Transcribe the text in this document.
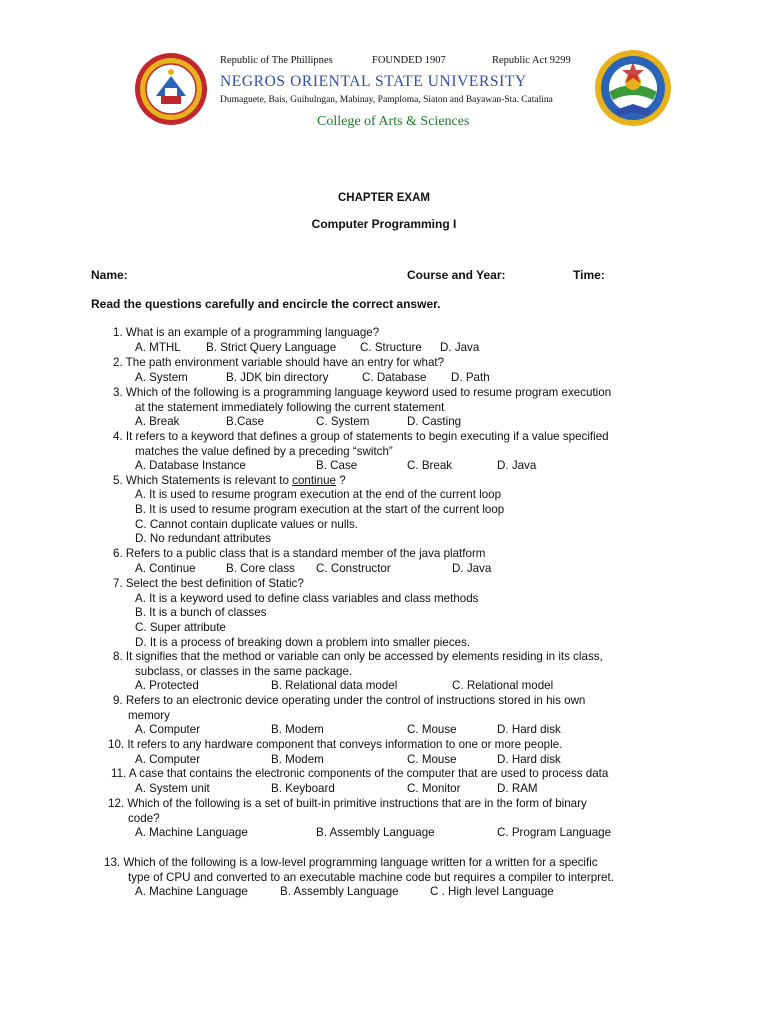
Republic of The Phillipnes	FOUNDED 1907	Republic Act 9299
NEGROS ORIENTAL STATE UNIVERSITY
Dumaguete, Bais, Guihulngan, Mabinay, Pamploma, Siaton and Bayawan-Sta. Catalina
College of Arts & Sciences
CHAPTER EXAM
Computer Programming I
Name:	Course and Year:	Time:
Read the questions carefully and encircle the correct answer.
1. What is an example of a programming language?
A. MTHL B. Strict Query Language C. Structure D. Java
2. The path environment variable should have an entry for what?
A. System	B. JDK bin directory	C. Database D. Path
3. Which of the following is a programming language keyword used to resume program execution
at the statement immediately following the current statement
A. Break	B.Case	C. System	D. Casting
4. It refers to a keyword that defines a group of statements to begin executing if a value specified
matches the value defined by a preceding “switch”
A. Database Instance	B. Case	C. Break	D. Java
5. Which Statements is relevant to continue ?
A. It is used to resume program execution at the end of the current loop
B. It is used to resume program execution at the start of the current loop
C. Cannot contain duplicate values or nulls.
D. No redundant attributes
6. Refers to a public class that is a standard member of the java platform
A. Continue	B. Core class C. Constructor	D. Java
7. Select the best definition of Static?
A. It is a keyword used to define class variables and class methods
B. It is a bunch of classes
C. Super attribute
D. It is a process of breaking down a problem into smaller pieces.
8. It signifies that the method or variable can only be accessed by elements residing in its class,
subclass, or classes in the same package.
A. Protected	B. Relational data model	C. Relational model
9. Refers to an electronic device operating under the control of instructions stored in his own
memory
A. Computer	B. Modem	C. Mouse	D. Hard disk
10. It refers to any hardware component that conveys information to one or more people.
A. Computer	B. Modem	C. Mouse	D. Hard disk
11. A case that contains the electronic components of the computer that are used to process data
A. System unit	B. Keyboard	C. Monitor	D. RAM
12. Which of the following is a set of built-in primitive instructions that are in the form of binary
code?
A. Machine Language	B. Assembly Language	C. Program Language
13. Which of the following is a low-level programming language written for a written for a specific
type of CPU and converted to an executable machine code but requires a compiler to interpret.
A. Machine Language	B. Assembly Language	C . High level Language
